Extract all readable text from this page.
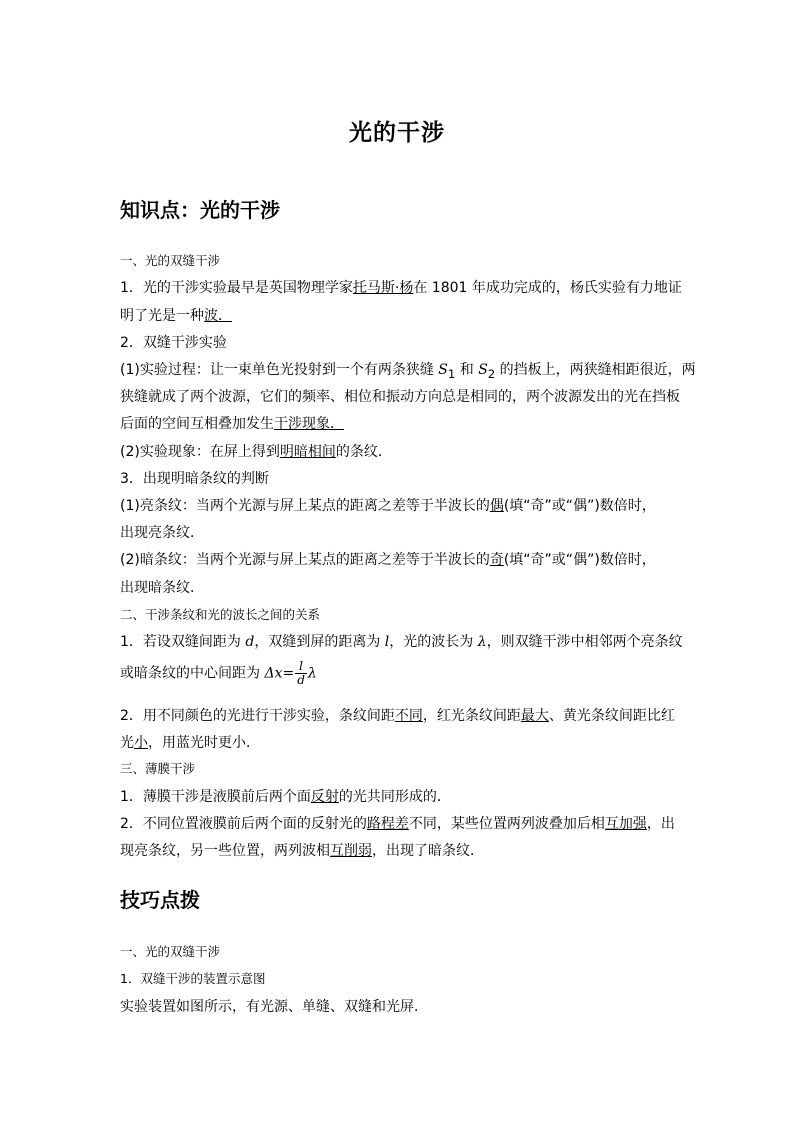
光的干涉
知识点：光的干涉
一、光的双缝干涉
1．光的干涉实验最早是英国物理学家托马斯·杨在 1801 年成功完成的，杨氏实验有力地证
明了光是一种波．
2．双缝干涉实验
(1)实验过程：让一束单色光投射到一个有两条狭缝 $S_1$ 和 $S_2$ 的挡板上，两狭缝相距很近，两
狭缝就成了两个波源，它们的频率、相位和振动方向总是相同的，两个波源发出的光在挡板
后面的空间互相叠加发生干涉现象．
(2)实验现象：在屏上得到明暗相间的条纹．
3．出现明暗条纹的判断
(1)亮条纹：当两个光源与屏上某点的距离之差等于半波长的偶(填“奇”或“偶”)数倍时，
出现亮条纹．
(2)暗条纹：当两个光源与屏上某点的距离之差等于半波长的奇(填“奇”或“偶”)数倍时，
出现暗条纹．
二、干涉条纹和光的波长之间的关系
1．若设双缝间距为 d，双缝到屏的距离为 l，光的波长为 λ，则双缝干涉中相邻两个亮条纹
或暗条纹的中心间距为 $\Delta x= \frac{l}{d}$ λ
2．用不同颜色的光进行干涉实验，条纹间距不同，红光条纹间距最大、黄光条纹间距比红
光小，用蓝光时更小．
三、薄膜干涉
1．薄膜干涉是液膜前后两个面反射的光共同形成的．
2．不同位置液膜前后两个面的反射光的路程差不同，某些位置两列波叠加后相互加强，出
现亮条纹，另一些位置，两列波相互削弱，出现了暗条纹．
技巧点拨
一、光的双缝干涉
1．双缝干涉的装置示意图
实验装置如图所示，有光源、单缝、双缝和光屏．
